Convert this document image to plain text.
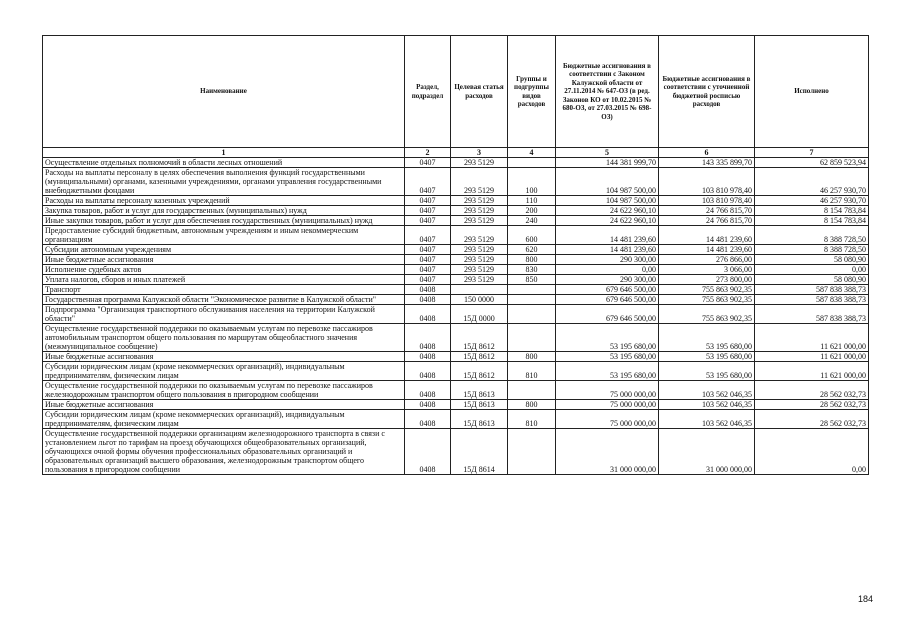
Наименование	Раздел, подраздел	Целевая статья расходов	Группы и подгруппы видов расходов	Бюджетные ассигнования в соответствии с Законом Калужской области от 27.11.2014 № 647-ОЗ (в ред. Законов КО от 10.02.2015 № 680-ОЗ, от 27.03.2015 № 698-ОЗ)	Бюджетные ассигнования в соответствии с уточненной бюджетной росписью расходов	Исполнено
1	2	3	4	5	6	7
Осуществление отдельных полномочий в области лесных отношений	0407	293 5129		144 381 999,70	143 335 899,70	62 859 523,94
Расходы на выплаты персоналу в целях обеспечения выполнения функций государственными (муниципальными) органами, казенными учреждениями, органами управления государственными внебюджетными фондами	0407	293 5129	100	104 987 500,00	103 810 978,40	46 257 930,70
Расходы на выплаты персоналу казенных учреждений	0407	293 5129	110	104 987 500,00	103 810 978,40	46 257 930,70
Закупка товаров, работ и услуг для государственных (муниципальных) нужд	0407	293 5129	200	24 622 960,10	24 766 815,70	8 154 783,84
Иные закупки товаров, работ и услуг для обеспечения государственных (муниципальных) нужд	0407	293 5129	240	24 622 960,10	24 766 815,70	8 154 783,84
Предоставление субсидий бюджетным, автономным учреждениям и иным некоммерческим организациям	0407	293 5129	600	14 481 239,60	14 481 239,60	8 388 728,50
Субсидии автономным учреждениям	0407	293 5129	620	14 481 239,60	14 481 239,60	8 388 728,50
Иные бюджетные ассигнования	0407	293 5129	800	290 300,00	276 866,00	58 080,90
Исполнение судебных актов	0407	293 5129	830	0,00	3 066,00	0,00
Уплата налогов, сборов и иных платежей	0407	293 5129	850	290 300,00	273 800,00	58 080,90
Транспорт	0408			679 646 500,00	755 863 902,35	587 838 388,73
Государственная программа Калужской области "Экономическое развитие в Калужской области"	0408	150 0000		679 646 500,00	755 863 902,35	587 838 388,73
Подпрограмма "Организация транспортного обслуживания населения на территории Калужской области"	0408	15Д 0000		679 646 500,00	755 863 902,35	587 838 388,73
Осуществление государственной поддержки по оказываемым услугам по перевозке пассажиров автомобильным транспортом общего пользования по маршрутам общеобластного значения (межмуниципальное сообщение)	0408	15Д 8612		53 195 680,00	53 195 680,00	11 621 000,00
Иные бюджетные ассигнования	0408	15Д 8612	800	53 195 680,00	53 195 680,00	11 621 000,00
Субсидии юридическим лицам (кроме некоммерческих организаций), индивидуальным предпринимателям, физическим лицам	0408	15Д 8612	810	53 195 680,00	53 195 680,00	11 621 000,00
Осуществление государственной поддержки по оказываемым услугам по перевозке пассажиров железнодорожным транспортом общего пользования в пригородном сообщении	0408	15Д 8613		75 000 000,00	103 562 046,35	28 562 032,73
Иные бюджетные ассигнования	0408	15Д 8613	800	75 000 000,00	103 562 046,35	28 562 032,73
Субсидии юридическим лицам (кроме некоммерческих организаций), индивидуальным предпринимателям, физическим лицам	0408	15Д 8613	810	75 000 000,00	103 562 046,35	28 562 032,73
Осуществление государственной поддержки организациям железнодорожного транспорта в связи с установлением льгот по тарифам на проезд обучающихся общеобразовательных организаций, обучающихся очной формы обучения профессиональных образовательных организаций и образовательных организаций высшего образования, железнодорожным транспортом общего пользования в пригородном сообщении	0408	15Д 8614		31 000 000,00	31 000 000,00	0,00
184
